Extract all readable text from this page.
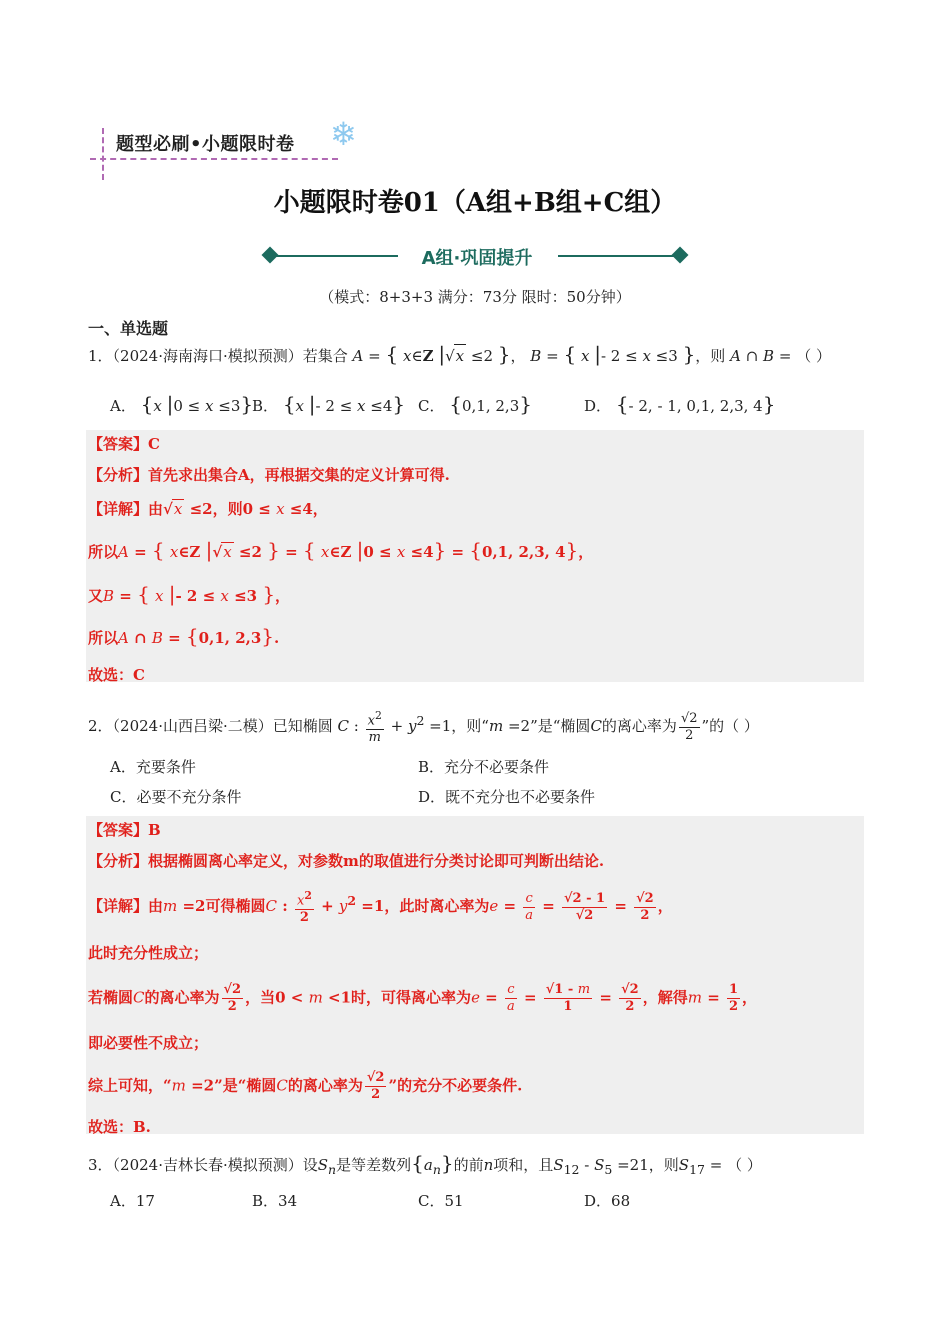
题型必刷•小题限时卷 ❄
小题限时卷01（A组+B组+C组）
A组·巩固提升
（模式：8+3+3 满分：73分 限时：50分钟）
一、单选题
1．（2024·海南海口·模拟预测）若集合 A = { x∈Z |√x ≤2 }， B = { x |- 2 ≤ x ≤3 }，则 A ∩ B = （ ）
A． {x |0 ≤ x ≤3}
B． {x |- 2 ≤ x ≤4} C． {0,1, 2,3}	D． {- 2, - 1, 0,1, 2,3, 4}
【答案】C
【分析】首先求出集合A，再根据交集的定义计算可得.
【详解】由√x ≤2，则0 ≤ x ≤4，
所以A = { x∈Z |√x ≤2 } = { x∈Z |0 ≤ x ≤4} = {0,1, 2,3, 4}，
又B = { x |- 2 ≤ x ≤3 }，
所以A ∩ B = {0,1, 2,3}.
故选：C
2．（2024·山西吕梁·二模）已知椭圆 C : $\frac{x^2}{m} + y^2 =1$，则“m =2”是“椭圆C的离心率为 $\frac{√2}{2}$ ”的（ ）
A．充要条件	B．充分不必要条件
C．必要不充分条件	D．既不充分也不必要条件
【答案】B
【分析】根据椭圆离心率定义，对参数m的取值进行分类讨论即可判断出结论.
【详解】由m =2可得椭圆C : $\frac{x^2}{2} + y^2 =1$，此时离心率为$e = \frac{c}{a} = \frac{√2 - 1}{√2} = \frac{√2}{2}$ ，
此时充分性成立；
若椭圆C的离心率为 $\frac{√2}{2}$ ，当0 < m <1时，可得离心率为$e = \frac{c}{a} = \frac{√1 - m}{1} = \frac{√2}{2}$ ，解得$m = \frac{1}{2}$ ，
即必要性不成立；
综上可知，“m =2”是“椭圆C的离心率为 $\frac{√2}{2}$ ”的充分不必要条件.
故选：B.
3．（2024·吉林长春·模拟预测）设$S_n$是等差数列$\{a_n\}$的前n项和，且$S_{12} - S_5 =21$，则$S_{17}$ = （ ）
A．17	B．34	C．51	D．68
